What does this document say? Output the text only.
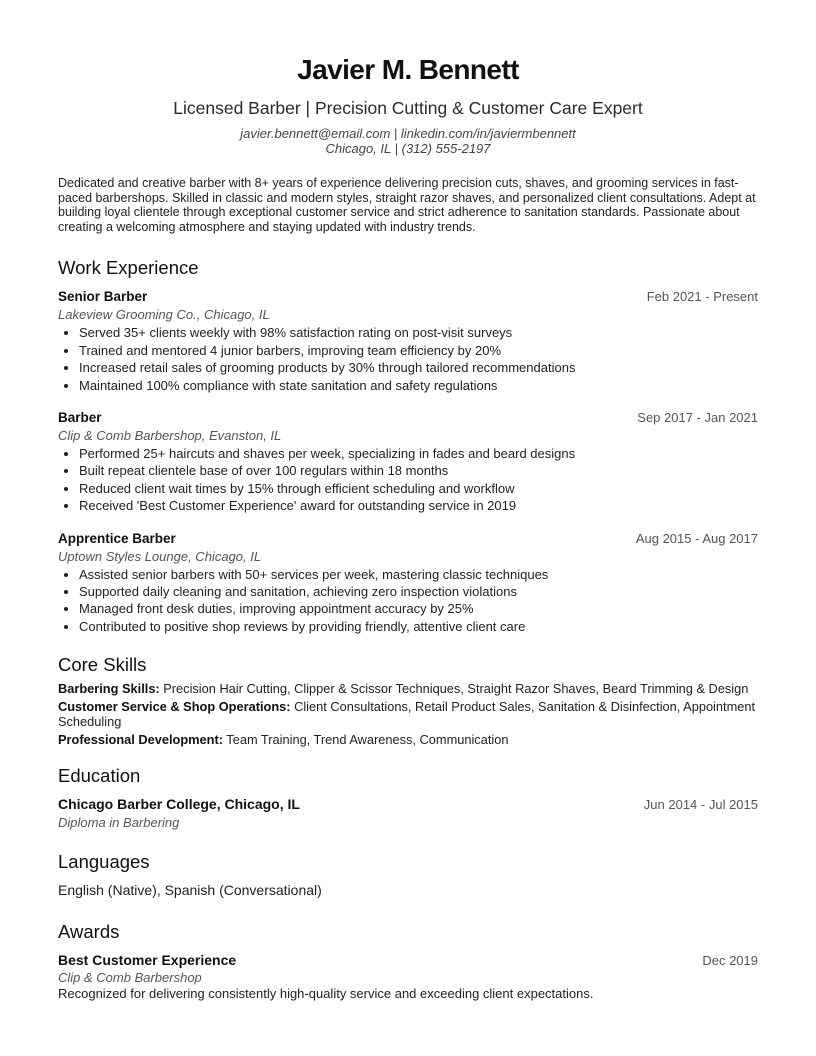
Javier M. Bennett
Licensed Barber | Precision Cutting & Customer Care Expert
javier.bennett@email.com | linkedin.com/in/javiermbennett
Chicago, IL | (312) 555-2197
Dedicated and creative barber with 8+ years of experience delivering precision cuts, shaves, and grooming services in fast-paced barbershops. Skilled in classic and modern styles, straight razor shaves, and personalized client consultations. Adept at building loyal clientele through exceptional customer service and strict adherence to sanitation standards. Passionate about creating a welcoming atmosphere and staying updated with industry trends.
Work Experience
Senior Barber	Feb 2021 - Present
Lakeview Grooming Co., Chicago, IL
• Served 35+ clients weekly with 98% satisfaction rating on post-visit surveys
• Trained and mentored 4 junior barbers, improving team efficiency by 20%
• Increased retail sales of grooming products by 30% through tailored recommendations
• Maintained 100% compliance with state sanitation and safety regulations
Barber	Sep 2017 - Jan 2021
Clip & Comb Barbershop, Evanston, IL
• Performed 25+ haircuts and shaves per week, specializing in fades and beard designs
• Built repeat clientele base of over 100 regulars within 18 months
• Reduced client wait times by 15% through efficient scheduling and workflow
• Received 'Best Customer Experience' award for outstanding service in 2019
Apprentice Barber	Aug 2015 - Aug 2017
Uptown Styles Lounge, Chicago, IL
• Assisted senior barbers with 50+ services per week, mastering classic techniques
• Supported daily cleaning and sanitation, achieving zero inspection violations
• Managed front desk duties, improving appointment accuracy by 25%
• Contributed to positive shop reviews by providing friendly, attentive client care
Core Skills
Barbering Skills: Precision Hair Cutting, Clipper & Scissor Techniques, Straight Razor Shaves, Beard Trimming & Design
Customer Service & Shop Operations: Client Consultations, Retail Product Sales, Sanitation & Disinfection, Appointment Scheduling
Professional Development: Team Training, Trend Awareness, Communication
Education
Chicago Barber College, Chicago, IL	Jun 2014 - Jul 2015
Diploma in Barbering
Languages
English (Native), Spanish (Conversational)
Awards
Best Customer Experience	Dec 2019
Clip & Comb Barbershop
Recognized for delivering consistently high-quality service and exceeding client expectations.
